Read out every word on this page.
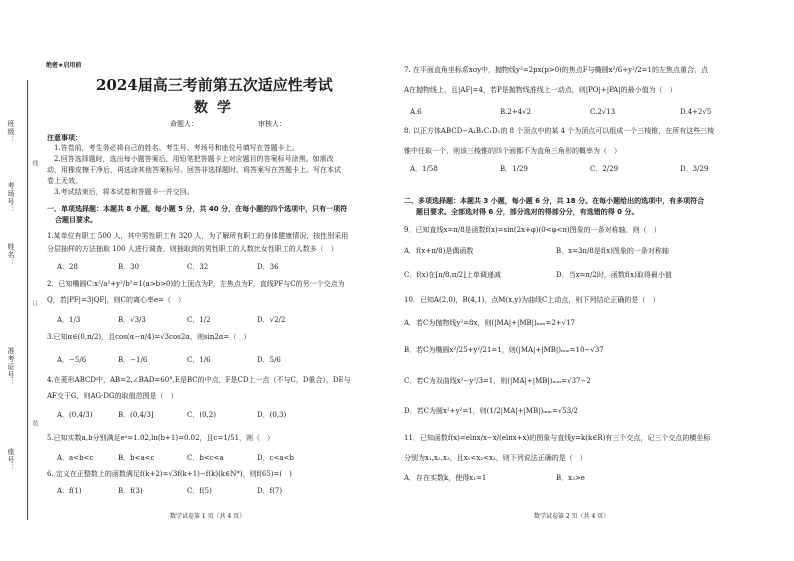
班级：
考场号：
姓名：
准考证号：
座号：
线
订
装
绝密★启用前
2024届高三考前第五次适应性考试
数 学
命题人：	审核人：
注意事项：
1.答卷前，考生务必将自己的姓名、考生号、考场号和座位号填写在答题卡上。
2.回答选择题时，选出每小题答案后，用铅笔把答题卡上对应题目的答案标号涂黑。如需改
动，用橡皮擦干净后，再选涂其他答案标号。回答非选择题时，将答案写在答题卡上。写在本试
卷上无效。
3.考试结束后，将本试卷和答题卡一并交回。
一、单项选择题：本题共 8 小题，每小题 5 分，共 40 分，在每小题的四个选项中，只有一项符
合题目要求。
1.某单位有职工 500 人，其中男性职工有 320 人，为了解所有职工的身体健康情况，按性别采用
分层抽样的方法抽取 100 人进行调查，则抽取到的男性职工的人数比女性职工的人数多（　）
A．28	B．30	C．32	D．36
2．已知椭圆C:x²/a²+y²/b²=1(a>b>0)的上顶点为P，左焦点为F，直线PF与C的另一个交点为
Q，若|PF|=3|QF|，则C的离心率e=（　）
A．1/3	B．√3/3	C．1/2	D．√2/2
3.已知α∈(0,π/2)，且cos(α−π/4)=√3cos2α，则sin2α=（　）
A．−5/6	B．−1/6	C．1/6	D．5/6
4.在菱形ABCD中，AB=2,∠BAD=60°,E是BC的中点，F是CD上一点（不与C，D重合），DE与
AF交于G，则AG·DG的取值范围是（　）
A．(0,4/3)	B．(0,4/3]	C．(0,2)	D．(0,3)
5.已知实数a,b分别满足eᵃ=1.02,ln(b+1)=0.02，且c=1/51，则（　）
A．a<b<c	B．b<a<c	C．b<c<a	D．c<a<b
6. 定义在正整数上的函数满足f(k+2)=√3f(k+1)−f(k)(k∈N*)，则f(65)=(　)
A．f(1)	B．f(3)	C．f(5)	D．f(7)
数学试卷第 1 页（共 4 页）
7. 在平面直角坐标系xoy中，抛物线y²=2px(p>0)的焦点F与椭圆x²/6+y²/2=1的左焦点重合，点
A在抛物线上，且|AF|=4，若P是抛物线准线上一动点，则|PO|+|PA|的最小值为（　）
A.6	B.2+4√2	C.2√13	D.4+2√5
8. 以正方体ABCD−A₁B₁C₁D₁的 8 个顶点中的某 4 个为顶点可以组成一个三棱锥，在所有这些三棱
锥中任取一个，则该三棱锥的四个面都不为直角三角形的概率为（　）
A．1/58	B．1/29	C．2/29	D．3/29
二、多项选择题：本题共 3 小题，每小题 6 分，共 18 分。在每小题给出的选项中，有多项符合
题目要求。全部选对得 6 分，部分选对的得部分分，有选错的得 0 分。
9．已知直线x=π/8是函数f(x)=sin(2x+φ)(0<φ<π)图象的一条对称轴，则（　）
A．f(x+π/8)是偶函数	B．x=3π/8是f(x)图象的一条对称轴
C．f(x)在[π/8,π/2]上单调递减	D．当x=π/2时，函数f(x)取得最小值
10．已知A(2,0)，B(4,1)，点M(x,y)为曲线C上动点，则下列结论正确的是（　）
A．若C为抛物线y²=8x，则(|MA|+|MB|)ₘᵢₙ=2+√17
B．若C为椭圆x²/25+y²/21=1，则(|MA|+|MB|)ₘᵢₙ=10−√37
C．若C为双曲线x²−y²/3=1，则(|MA|+|MB|)ₘᵢₙ=√37−2
D．若C为圆x²+y²=1，则(1/2|MA|+|MB|)ₘᵢₙ=√53/2
11．已知函数f(x)=elnx/x−x/(elnx+x)的图象与直线y=k(k∈R)有三个交点，记三个交点的横坐标
分别为x₁,x₂,x₃，且x₁<x₂<x₃，则下列说法正确的是（　）
A．存在实数k，使得x₁=1	B．x₃>e
数学试卷第 2 页（共 4 页）
